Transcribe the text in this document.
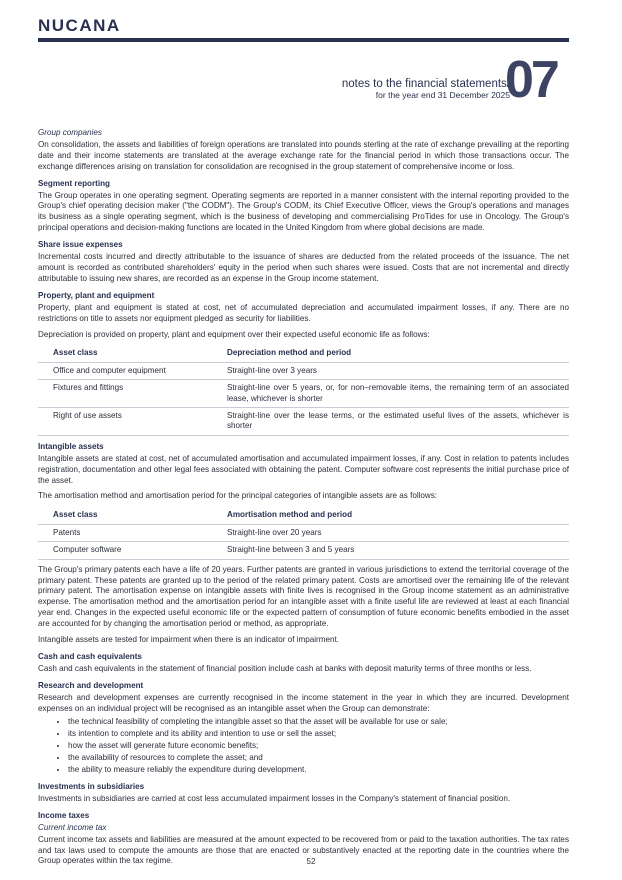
NUCANA
notes to the financial statements/
for the year end 31 December 2025
07
Group companies

On consolidation, the assets and liabilities of foreign operations are translated into pounds sterling at the rate of exchange prevailing at the reporting date and their income statements are translated at the average exchange rate for the financial period in which those transactions occur. The exchange differences arising on translation for consolidation are recognised in the group statement of comprehensive income or loss.

Segment reporting

The Group operates in one operating segment. Operating segments are reported in a manner consistent with the internal reporting provided to the Group's chief operating decision maker ("the CODM"). The Group's CODM, its Chief Executive Officer, views the Group's operations and manages its business as a single operating segment, which is the business of developing and commercialising ProTides for use in Oncology. The Group's principal operations and decision-making functions are located in the United Kingdom from where global decisions are made.

Share issue expenses

Incremental costs incurred and directly attributable to the issuance of shares are deducted from the related proceeds of the issuance. The net amount is recorded as contributed shareholders' equity in the period when such shares were issued. Costs that are not incremental and directly attributable to issuing new shares, are recorded as an expense in the Group income statement.

Property, plant and equipment

Property, plant and equipment is stated at cost, net of accumulated depreciation and accumulated impairment losses, if any. There are no restrictions on title to assets nor equipment pledged as security for liabilities.

Depreciation is provided on property, plant and equipment over their expected useful economic life as follows:

Asset class	Depreciation method and period
Office and computer equipment	Straight-line over 3 years
Fixtures and fittings	Straight-line over 5 years, or, for non–removable items, the remaining term of an associated lease, whichever is shorter
Right of use assets	Straight-line over the lease terms, or the estimated useful lives of the assets, whichever is shorter
Intangible assets

Intangible assets are stated at cost, net of accumulated amortisation and accumulated impairment losses, if any. Cost in relation to patents includes registration, documentation and other legal fees associated with obtaining the patent. Computer software cost represents the initial purchase price of the asset.

The amortisation method and amortisation period for the principal categories of intangible assets are as follows:

Asset class	Amortisation method and period
Patents	Straight-line over 20 years
Computer software	Straight-line between 3 and 5 years

The Group's primary patents each have a life of 20 years. Further patents are granted in various jurisdictions to extend the territorial coverage of the primary patent. These patents are granted up to the period of the related primary patent. Costs are amortised over the remaining life of the relevant primary patent. The amortisation expense on intangible assets with finite lives is recognised in the Group income statement as an administrative expense. The amortisation method and the amortisation period for an intangible asset with a finite useful life are reviewed at least at each financial year end. Changes in the expected useful economic life or the expected pattern of consumption of future economic benefits embodied in the asset are accounted for by changing the amortisation period or method, as appropriate.

Intangible assets are tested for impairment when there is an indicator of impairment.

Cash and cash equivalents

Cash and cash equivalents in the statement of financial position include cash at banks with deposit maturity terms of three months or less.

Research and development

Research and development expenses are currently recognised in the income statement in the year in which they are incurred. Development expenses on an individual project will be recognised as an intangible asset when the Group can demonstrate:

• the technical feasibility of completing the intangible asset so that the asset will be available for use or sale;
• its intention to complete and its ability and intention to use or sell the asset;
• how the asset will generate future economic benefits;
• the availability of resources to complete the asset; and
• the ability to measure reliably the expenditure during development.
Investments in subsidiaries

Investments in subsidiaries are carried at cost less accumulated impairment losses in the Company's statement of financial position.

Income taxes
Current income tax

Current income tax assets and liabilities are measured at the amount expected to be recovered from or paid to the taxation authorities. The tax rates and tax laws used to compute the amounts are those that are enacted or substantively enacted at the reporting date in the countries where the Group operates within the tax regime.	52
